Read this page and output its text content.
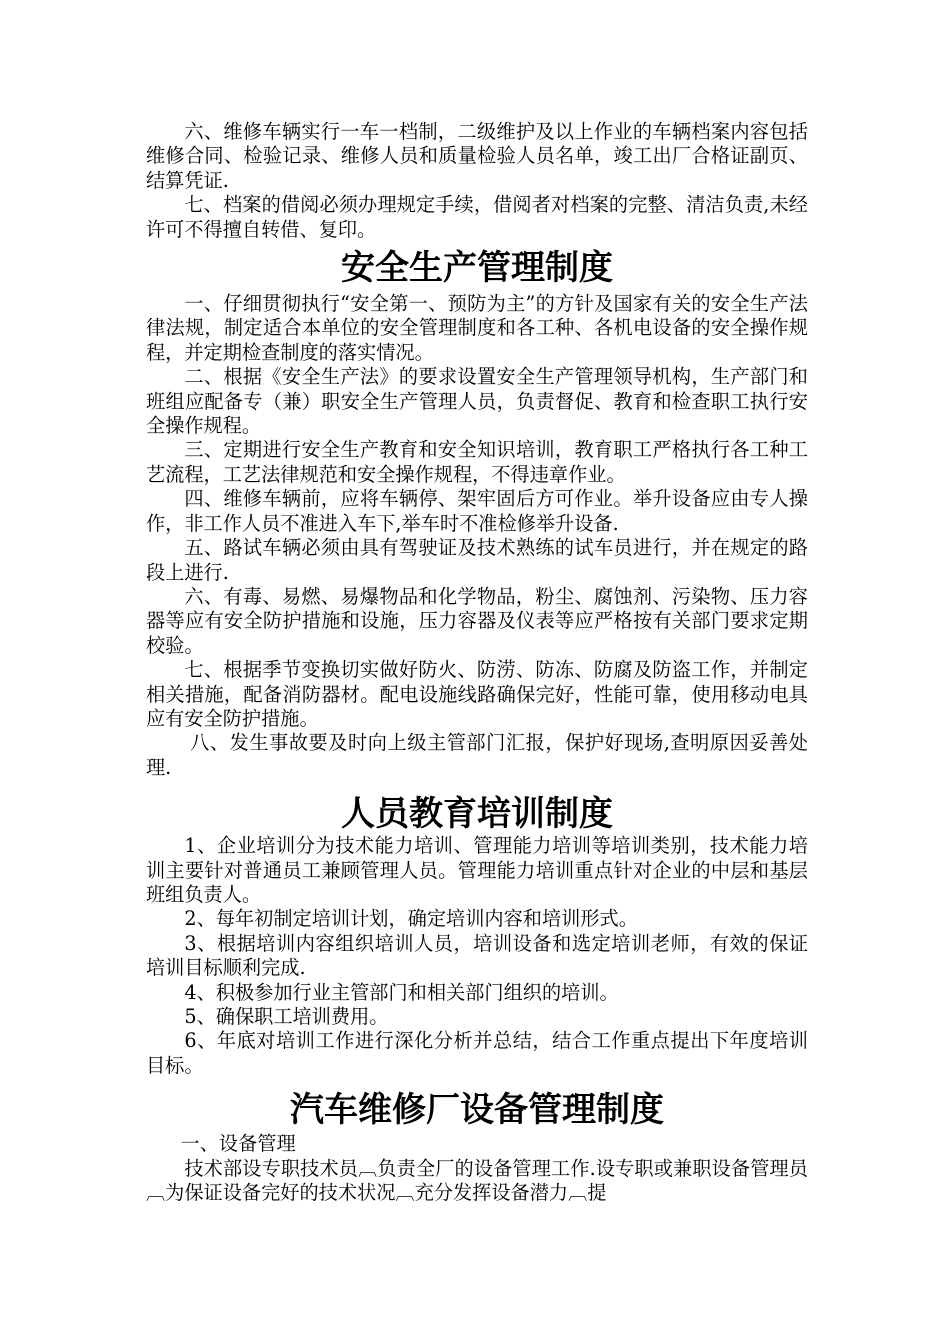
六、维修车辆实行一车一档制，二级维护及以上作业的车辆档案内容包括维修合同、检验记录、维修人员和质量检验人员名单，竣工出厂合格证副页、结算凭证.

七、档案的借阅必须办理规定手续，借阅者对档案的完整、清洁负责,未经许可不得擅自转借、复印。

安全生产管理制度

一、仔细贯彻执行“安全第一、预防为主”的方针及国家有关的安全生产法律法规，制定适合本单位的安全管理制度和各工种、各机电设备的安全操作规程，并定期检查制度的落实情况。

二、根据《安全生产法》的要求设置安全生产管理领导机构，生产部门和班组应配备专（兼）职安全生产管理人员，负责督促、教育和检查职工执行安全操作规程。

三、定期进行安全生产教育和安全知识培训，教育职工严格执行各工种工艺流程，工艺法律规范和安全操作规程，不得违章作业。

四、维修车辆前，应将车辆停、架牢固后方可作业。举升设备应由专人操作，非工作人员不准进入车下,举车时不准检修举升设备.

五、路试车辆必须由具有驾驶证及技术熟练的试车员进行，并在规定的路段上进行.

六、有毒、易燃、易爆物品和化学物品，粉尘、腐蚀剂、污染物、压力容器等应有安全防护措施和设施，压力容器及仪表等应严格按有关部门要求定期校验。

七、根据季节变换切实做好防火、防涝、防冻、防腐及防盗工作，并制定相关措施，配备消防器材。配电设施线路确保完好，性能可靠，使用移动电具应有安全防护措施。

八、发生事故要及时向上级主管部门汇报，保护好现场,查明原因妥善处理.

人员教育培训制度

1、企业培训分为技术能力培训、管理能力培训等培训类别，技术能力培训主要针对普通员工兼顾管理人员。管理能力培训重点针对企业的中层和基层班组负责人。

2、每年初制定培训计划，确定培训内容和培训形式。

3、根据培训内容组织培训人员，培训设备和选定培训老师，有效的保证培训目标顺利完成.

4、积极参加行业主管部门和相关部门组织的培训。

5、确保职工培训费用。

6、年底对培训工作进行深化分析并总结，结合工作重点提出下年度培训目标。

汽车维修厂设备管理制度

一、设备管理

技术部设专职技术员︹负责全厂的设备管理工作.设专职或兼职设备管理员︹为保证设备完好的技术状况︹充分发挥设备潜力︹提
